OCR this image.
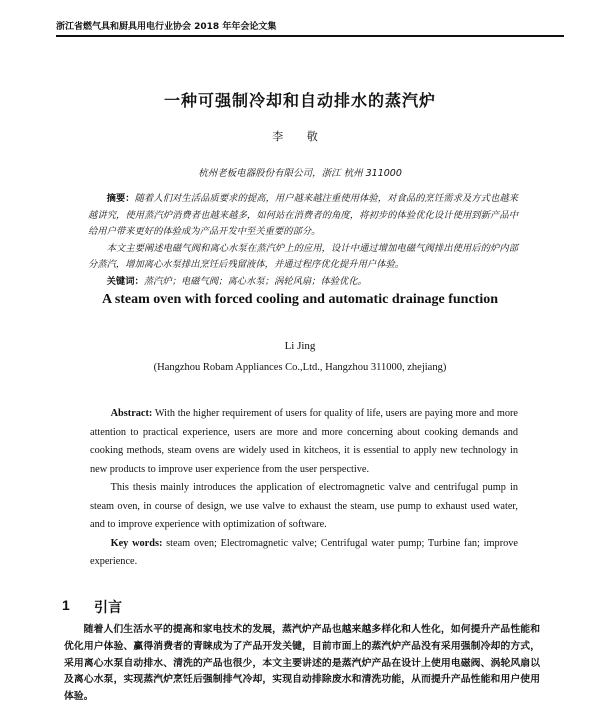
浙江省燃气具和厨具用电行业协会 2018 年年会论文集
一种可强制冷却和自动排水的蒸汽炉
李 敬
杭州老板电器股份有限公司，浙江 杭州 311000

摘要：随着人们对生活品质要求的提高，用户越来越注重使用体验，对食品的烹饪需求及方式也越来越讲究，使用蒸汽炉消费者也越来越多，如何站在消费者的角度，将初步的体验优化设计使用到新产品中给用户带来更好的体验成为产品开发中至关重要的部分。

本文主要阐述电磁气阀和离心水泵在蒸汽炉上的应用，设计中通过增加电磁气阀排出使用后的炉内部分蒸汽，增加离心水泵排出烹饪后残留液体，并通过程序优化提升用户体验。

关键词：蒸汽炉；电磁气阀；离心水泵；涡轮风扇；体验优化。

A steam oven with forced cooling and automatic drainage function
Li Jing
(Hangzhou Robam Appliances Co.,Ltd., Hangzhou 311000, zhejiang)

Abstract: With the higher requirement of users for quality of life, users are paying more and more attention to practical experience, users are more and more concerning about cooking demands and cooking methods, steam ovens are widely used in kitcheos, it is essential to apply new technology in new products to improve user experience from the user perspective.

This thesis mainly introduces the application of electromagnetic valve and centrifugal pump in steam oven, in course of design, we use valve to exhaust the steam, use pump to exhaust used water, and to improve experience with optimization of software.

Key words: steam oven; Electromagnetic valve; Centrifugal water pump; Turbine fan; improve experience.

1 引言

随着人们生活水平的提高和家电技术的发展，蒸汽炉产品也越来越多样化和人性化，如何提升产品性能和优化用户体验、赢得消费者的青睐成为了产品开发关键，目前市面上的蒸汽炉产品没有采用强制冷却的方式，采用离心水泵自动排水、清洗的产品也很少，本文主要讲述的是蒸汽炉产品在设计上使用电磁阀、涡轮风扇以及离心水泵，实现蒸汽炉烹饪后强制排气冷却，实现自动排除废水和清洗功能，从而提升产品性能和用户使用体验。
